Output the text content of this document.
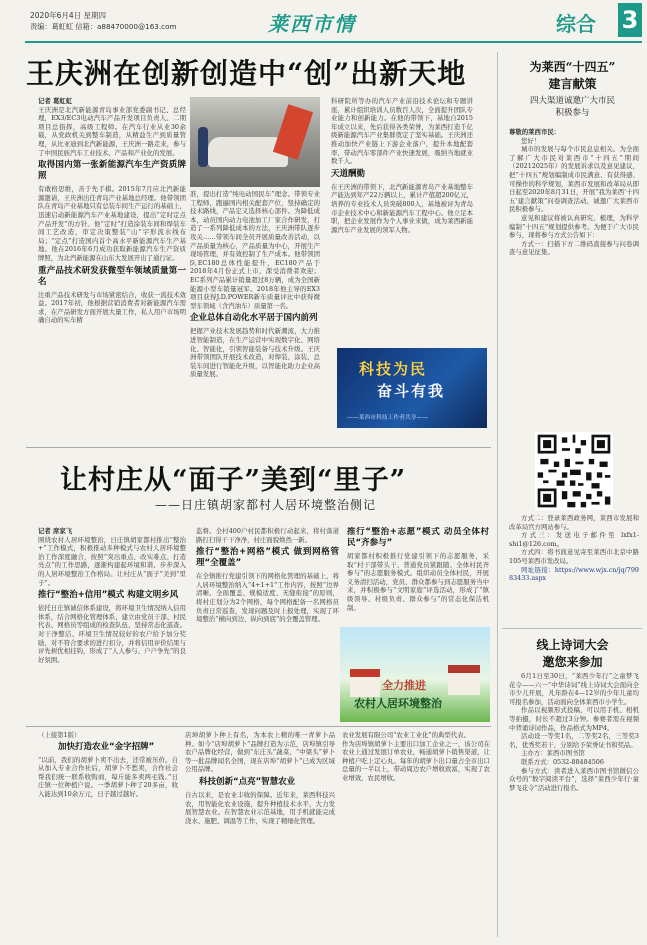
2020年6月4日 星期四
责编：葛虹虹 信箱：a88470000@163.com	莱西市情	综合 3
王庆洲在创新创造中“创”出新天地
记者 葛虹虹
王庆洲是北汽新能源青岛事业部党委副书记、总经理，EX3/EC3电动汽车产品开发项目负责人、二期项目总指挥，高级工程师。在汽车行业从业30余载，从党政机关到整车制造，从精益生产到质量管理，从比亚迪到北汽新能源，王庆洲一路走来，参与了中国民族汽车工业技术、产品和产业化的发展。
取得国内第一张新能源汽车生产资质牌照
有敢格思维，善于先手棋。2015年7月应北汽新能源邀请，王庆洲出任青岛产业基地总经理。他带领团队在青岛产业基地只有总装车间生产运行的基础上，迅速启动新能源汽车产业基地建设，提出“定时定点产品开发”的方针。他“定时”打造涂装车间和焊装车间工艺改造，审定决策整装“山”字形流水线布局；“定点”打造国内首个高水平新能源汽车生产基地。他在2016年6月成功获取新能源汽车生产资质牌照，为北汽新能源在山东大发展开出了通行证。
重产品技术研发获微型车领域质量第一名
注重产品技术研发与市场紧密结合，收获一流技术效益。2017年初，他根据营销消费者对新能源汽车需求，在产品研发方面开展大量工作，私人用户市场明确自动的实车精
准，提出打造“纯电动国民车”理念。带领专业工程师，跑遍国内相关配套产位，竖持确定的技术路线，产品定义选择核心部件。为降低成本，动员国内动力电池加工厂家合作研发，打造了一系列降低成本的方法，王庆洲带队逐步攻关……带领车间全员开展质量改善活动，以产品质量为核心，产品质量为中心，开展生产现场管理，并有效控制了生产成本。他带领团队EC180总体性能提升，EC180产品于2018年4月份正式上市，深受消费者欢迎；EC系列产品累计销量超过8万辆，成为全国新能源小型车销量冠军。2018年他主导的EX3项目获得J.D.POWER新车质量评比中获得微型车领域（含汽油车）质量第一名。
企业总体自动化水平居于国内前列
把握产业技术发展趋势和时代新潮流，大力推进智能制造，在生产运营中实现数字化、网络化、智能化，引领智能装备与技术升级。王庆洲带领团队开展技术改造，对焊装、涂装、总装车间进行智能化升级，以智能化助力企业高质量发展。
科研院所等办的汽车产业前沿技术论坛和专题讲座，累计组织培训人员数百人次，全面提升团队专业能力和创新能力。在他的带领下，基地自2015年成立以来，先后获得各类荣誉，为莱西打造千亿级新能源汽车产业集群奠定了坚实基础。王庆洲还推动加快产业链上下游企业落户，提升本地配套率，带动汽车零部件产业快速发展，吸纳当地就业数千人。
天道酬勤
在王庆洲的带领下，北汽新能源青岛产业基地整车产能达到年产22万辆以上，累计产值超200亿元，培养的专业技术人员突破800人，基地被评为青岛市企业技术中心和新能源汽车工程中心。他立足本职，把企业发展作为个人事业来做，成为莱西新能源汽车产业发展的领军人物。
科技为民
奋斗有我
——莱西市科技工作者共享——
为莱西“十四五”
建言献策
四大渠道诚邀广大市民
积极参与
尊敬的莱西市民：
您好！
城市的发展与每个市民息息相关。为全面了解广大市民对莱西市“十四五”期间（20212025年）的发展诉求以及意见建议，把“十四五”规划编制成市民满意、有获得感、可操作的科学规划，莱西市发展和改革局从即日起至2020年8月31日，开展“我为莱西‘十四五’建言献策”问卷调查活动，诚邀广大莱西市民积极参与。
意见和建议将被认真研究、梳理，为科学编制“十四五”规划提供参考。为便于广大市民参与，现将参与方式公告如下：
方式一：扫描下方二维码直接参与问卷调查与意见征集。
方式二：登录莱西政务网，莱西市发展和改革局官方网站参与。
方式三：发送电子邮件至 lxfx1-shi1@126.com。
方式四：将书面意见寄至莱西市北京中路105号莱西市发改局。
网址链接：https://www.wjx.cn/jq/79983433.aspx
线上诗词大会
邀您来参加
6月1日至30日，“莱西少年行”之童梦飞花令——六一“中华诗词”线上诗词大会面向全市少儿开展，凡年龄在4—12岁的少年儿童均可报名参加，活动面向全体莱西市小学生。
作品以视频形式投稿，可以用手机、相机等拍摄，时长不超过3分钟。参赛者需在视频中背诵诗词作品，作品格式为MP4。
活动设一等奖1名，二等奖2名，三等奖3名，优秀奖若干，分别给予荣誉证书和奖品。
主办方：莱西市图书馆
联系方式：0532-88484506
参与方式：读者进入莱西市图书馆微信公众号的“数字阅读平台”，选择“莱西少年行·童梦飞花令”活动进行报名。
让村庄从“面子”美到“里子”
——日庄镇胡家都村人居环境整治侧记
记者 席家飞
围绕农村人居环境整治，日庄镇胡家都村推出“整治+”工作模式，积极推动多种模式与农村人居环境整治工作深度融合，按照“突出重点、改实难点、打造亮点”的工作思路，逐渐构建起环境和谐、步步深入的人居环境整治工作格局。让村庄从“面子”美到“里子”。
推行“整治+信用”模式 构建文明乡风
依托日庄镇诚信体系建设，将环境卫生情况纳入信用体系，结合网格化管理体系，建立由党员干部、村民代表、网格员等组成的检查队伍，坚持常态化巡查。对干净整洁、环境卫生情况较好的农户给予加分奖励，对不符合要求的进行扣分，并将信用评价结果与评先树优相挂钩，形成了“人人参与、户户争先”的良好氛围。
监督。全村400户村民都积极行动起来，将村落道路打扫得干干净净，村庄面貌焕然一新。
推行“整治+网格”模式 做到网格管理“全覆盖”
在全镇推行党建引领下的网格化管理的基础上，将人居环境整治纳入“4+1+1”工作内容，按照“边界清晰、全面覆盖、规模适度、无缝衔接”的原则，将村庄划分为2个网格，每个网格配备一名网格员负责日常巡查，发现问题及时上报处理，实现了环境整治“横向到边、纵向到底”的全覆盖管理。
推行“整治+志愿”模式 动员全体村民“齐参与”
胡家都村积极推行党建引领下的志愿服务，采取“村干部带头干、普通党员紧跟随、全体村民齐参与”的志愿服务模式。组织动员全体村民，开展义务清扫活动，党员、群众都参与到志愿服务当中来，并积极参与“文明家庭”评选活动，形成了“镇级领导、村级负责、群众参与”的常态化保洁机制。
全力推进
农村人居环境整治
（上接第1版）
加快打造农业“金字招牌”
“以前，我们的胡萝卜卖不出去，还常被压价。自从加入专业合作社后，胡萝卜不愁卖，合作社会帮我们统一联系收购商，每斤能多卖两毛钱。”日庄镇一位种植户说。一季胡萝卜种了20多亩，收入能达到10余万元，日子越过越好。
店坤胡萝卜种上有名，为本农上精的唯一青萝卜品种。如今“店埠胡萝卜”品牌打造为示范，店埠镇引导农户品牌化经营，做到“东庄头”蔬菜、“中梁头”萝卜等一批品牌闻名全国，现在店埠“胡萝卜”已成为区域公用品牌。
科技创新“点亮”智慧农业
自古以来，是农业丰收的保障。近年来，莱西科技兴农，用智能化农业设施，提升种植技术水平，大力发展智慧农业。在智慧农业示范基地，用手机就能完成浇水、施肥、调温等工作，实现了精细化管理。
农业发展有限公司“农业工业化”的典型代表。
作为店埠镇胡萝卜主要出口加工企业之一，该公司在农业上通过发展订单农业，畅通胡萝卜销售渠道，让种植户吃上定心丸。每年的胡萝卜出口量占全市出口总量的一半以上，带动周边农户增收致富，实现了农业增效、农民增收。
